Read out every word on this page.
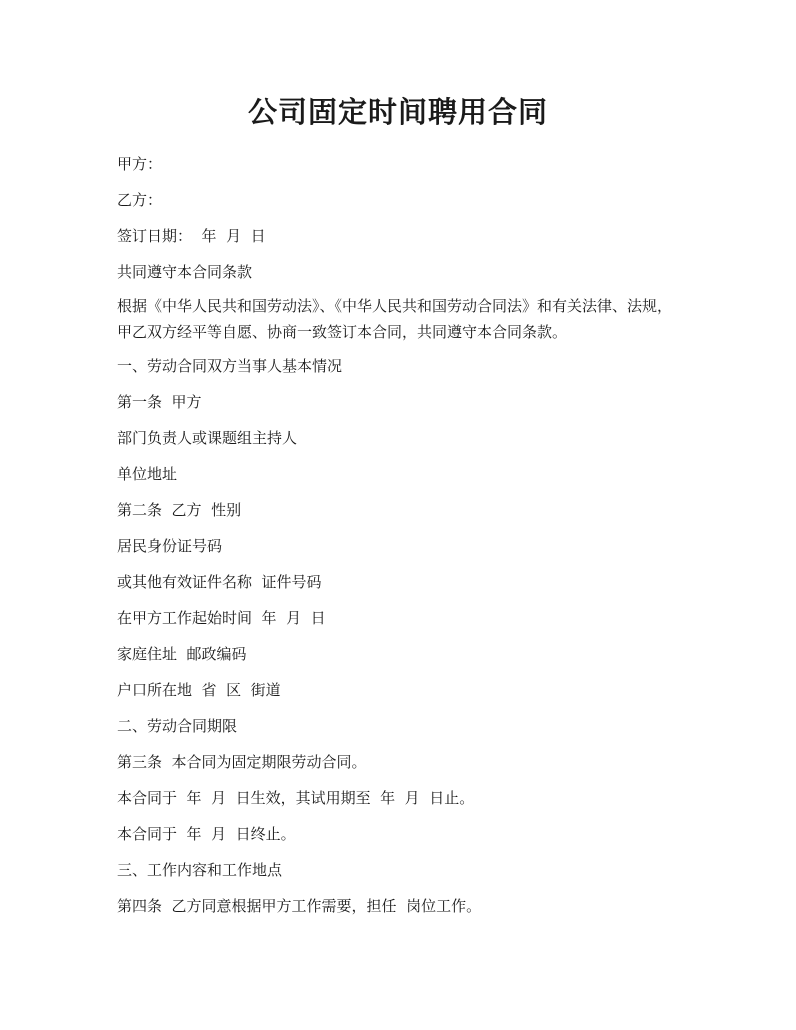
公司固定时间聘用合同

甲方：

乙方：

签订日期：  年  月  日

共同遵守本合同条款

根据《中华人民共和国劳动法》、《中华人民共和国劳动合同法》和有关法律、法规，甲乙双方经平等自愿、协商一致签订本合同，共同遵守本合同条款。

一、劳动合同双方当事人基本情况

第一条  甲方

部门负责人或课题组主持人

单位地址

第二条  乙方  性别

居民身份证号码

或其他有效证件名称  证件号码

在甲方工作起始时间  年  月  日

家庭住址  邮政编码

户口所在地  省  区  街道

二、劳动合同期限

第三条  本合同为固定期限劳动合同。

本合同于  年  月  日生效，其试用期至  年  月  日止。

本合同于  年  月  日终止。

三、工作内容和工作地点

第四条  乙方同意根据甲方工作需要，担任  岗位工作。
